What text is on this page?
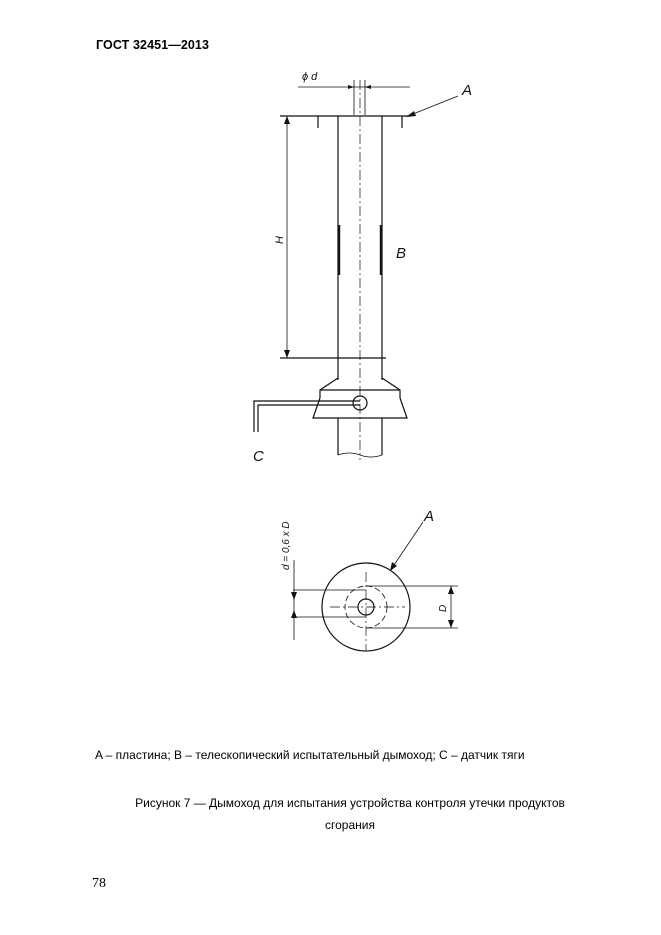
ГОСТ 32451—2013
ϕ d
A
H
B
C
A
d = 0,6 x D
D
A – пластина; B – телескопический испытательный дымоход; C – датчик тяги
Рисунок 7 — Дымоход для испытания устройства контроля утечки продуктов
сгорания
78
